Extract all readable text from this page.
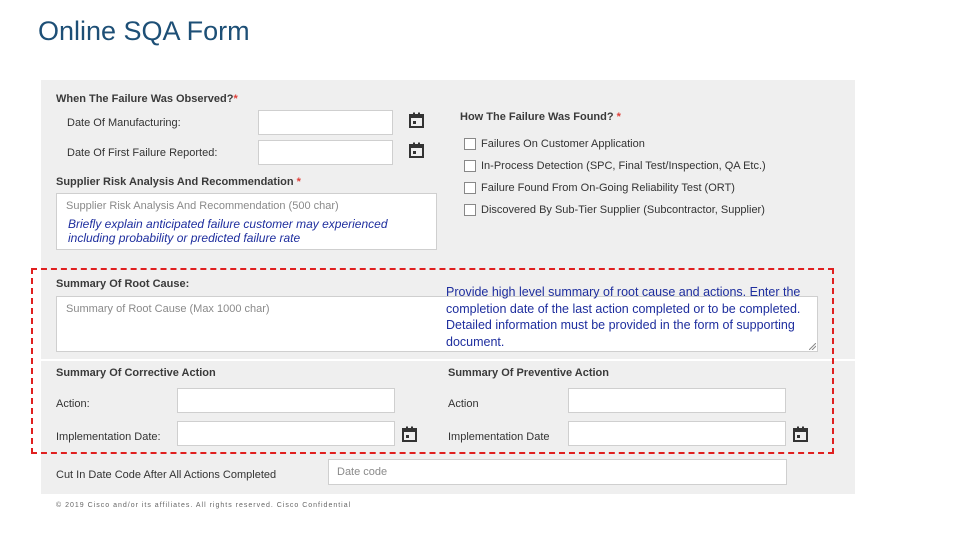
Online SQA Form
When The Failure Was Observed?*
Date Of Manufacturing:
Date Of First Failure Reported:
How The Failure Was Found? *
Failures On Customer Application
In-Process Detection (SPC, Final Test/Inspection, QA Etc.)
Failure Found From On-Going Reliability Test (ORT)
Discovered By Sub-Tier Supplier (Subcontractor, Supplier)
Supplier Risk Analysis And Recommendation *
Supplier Risk Analysis And Recommendation (500 char)
Briefly explain anticipated failure customer may experienced
including probability or predicted failure rate
Summary Of Root Cause:
Summary of Root Cause (Max 1000 char)
Provide high level summary of root cause and actions. Enter the completion date of the last action completed or to be completed. Detailed information must be provided in the form of supporting document.
Summary Of Corrective Action
Action:
Implementation Date:
Summary Of Preventive Action
Action
Implementation Date
Cut In Date Code After All Actions Completed	Date code
© 2019 Cisco and/or its affiliates. All rights reserved. Cisco Confidential
